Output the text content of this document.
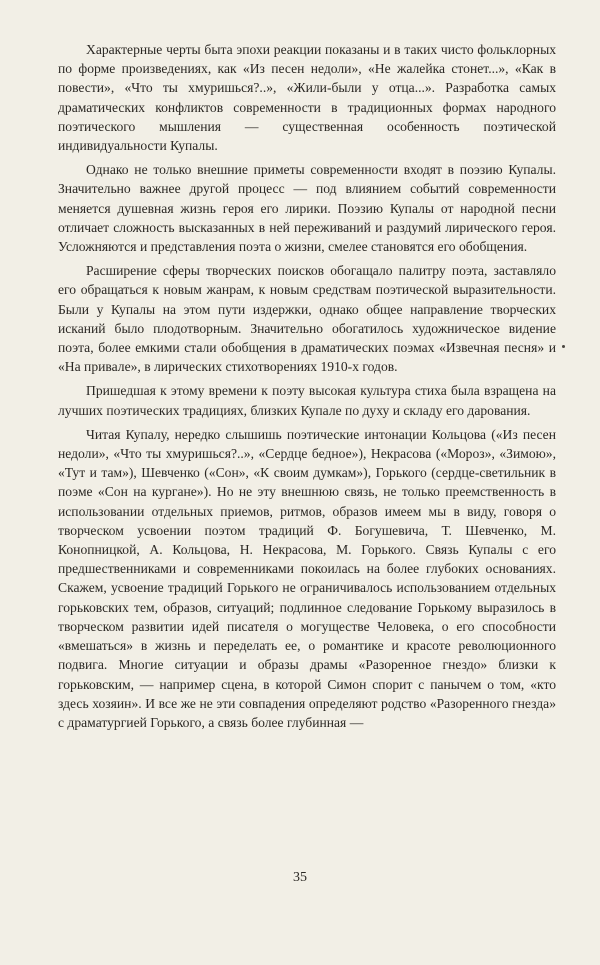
Характерные черты быта эпохи реакции показаны и в таких чисто фольклорных по форме произведениях, как «Из песен недоли», «Не жалейка стонет...», «Как в повести», «Что ты хмуришься?..», «Жили-были у отца...». Разработка самых драматических конфликтов современности в традиционных формах народного поэтического мышления — существенная особенность поэтической индивидуальности Купалы.

Однако не только внешние приметы современности входят в поэзию Купалы. Значительно важнее другой процесс — под влиянием событий современности меняется душевная жизнь героя его лирики. Поэзию Купалы от народной песни отличает сложность высказанных в ней переживаний и раздумий лирического героя. Усложняются и представления поэта о жизни, смелее становятся его обобщения.

Расширение сферы творческих поисков обогащало палитру поэта, заставляло его обращаться к новым жанрам, к новым средствам поэтической выразительности. Были у Купалы на этом пути издержки, однако общее направление творческих исканий было плодотворным. Значительно обогатилось художническое видение поэта, более емкими стали обобщения в драматических поэмах «Извечная песня» и «На привале», в лирических стихотворениях 1910-х годов.

Пришедшая к этому времени к поэту высокая культура стиха была взращена на лучших поэтических традициях, близких Купале по духу и складу его дарования.

Читая Купалу, нередко слышишь поэтические интонации Кольцова («Из песен недоли», «Что ты хмуришься?..», «Сердце бедное»), Некрасова («Мороз», «Зимою», «Тут и там»), Шевченко («Сон», «К своим думкам»), Горького (сердце-светильник в поэме «Сон на кургане»). Но не эту внешнюю связь, не только преемственность в использовании отдельных приемов, ритмов, образов имеем мы в виду, говоря о творческом усвоении поэтом традиций Ф. Богушевича, Т. Шевченко, М. Конопницкой, А. Кольцова, Н. Некрасова, М. Горького. Связь Купалы с его предшественниками и современниками покоилась на более глубоких основаниях. Скажем, усвоение традиций Горького не ограничивалось использованием отдельных горьковских тем, образов, ситуаций; подлинное следование Горькому выразилось в творческом развитии идей писателя о могуществе Человека, о его способности «вмешаться» в жизнь и переделать ее, о романтике и красоте революционного подвига. Многие ситуации и образы драмы «Разоренное гнездо» близки к горьковским, — например сцена, в которой Симон спорит с панычем о том, «кто здесь хозяин». И все же не эти совпадения определяют родство «Разоренного гнезда» с драматургией Горького, а связь более глубинная —

35
